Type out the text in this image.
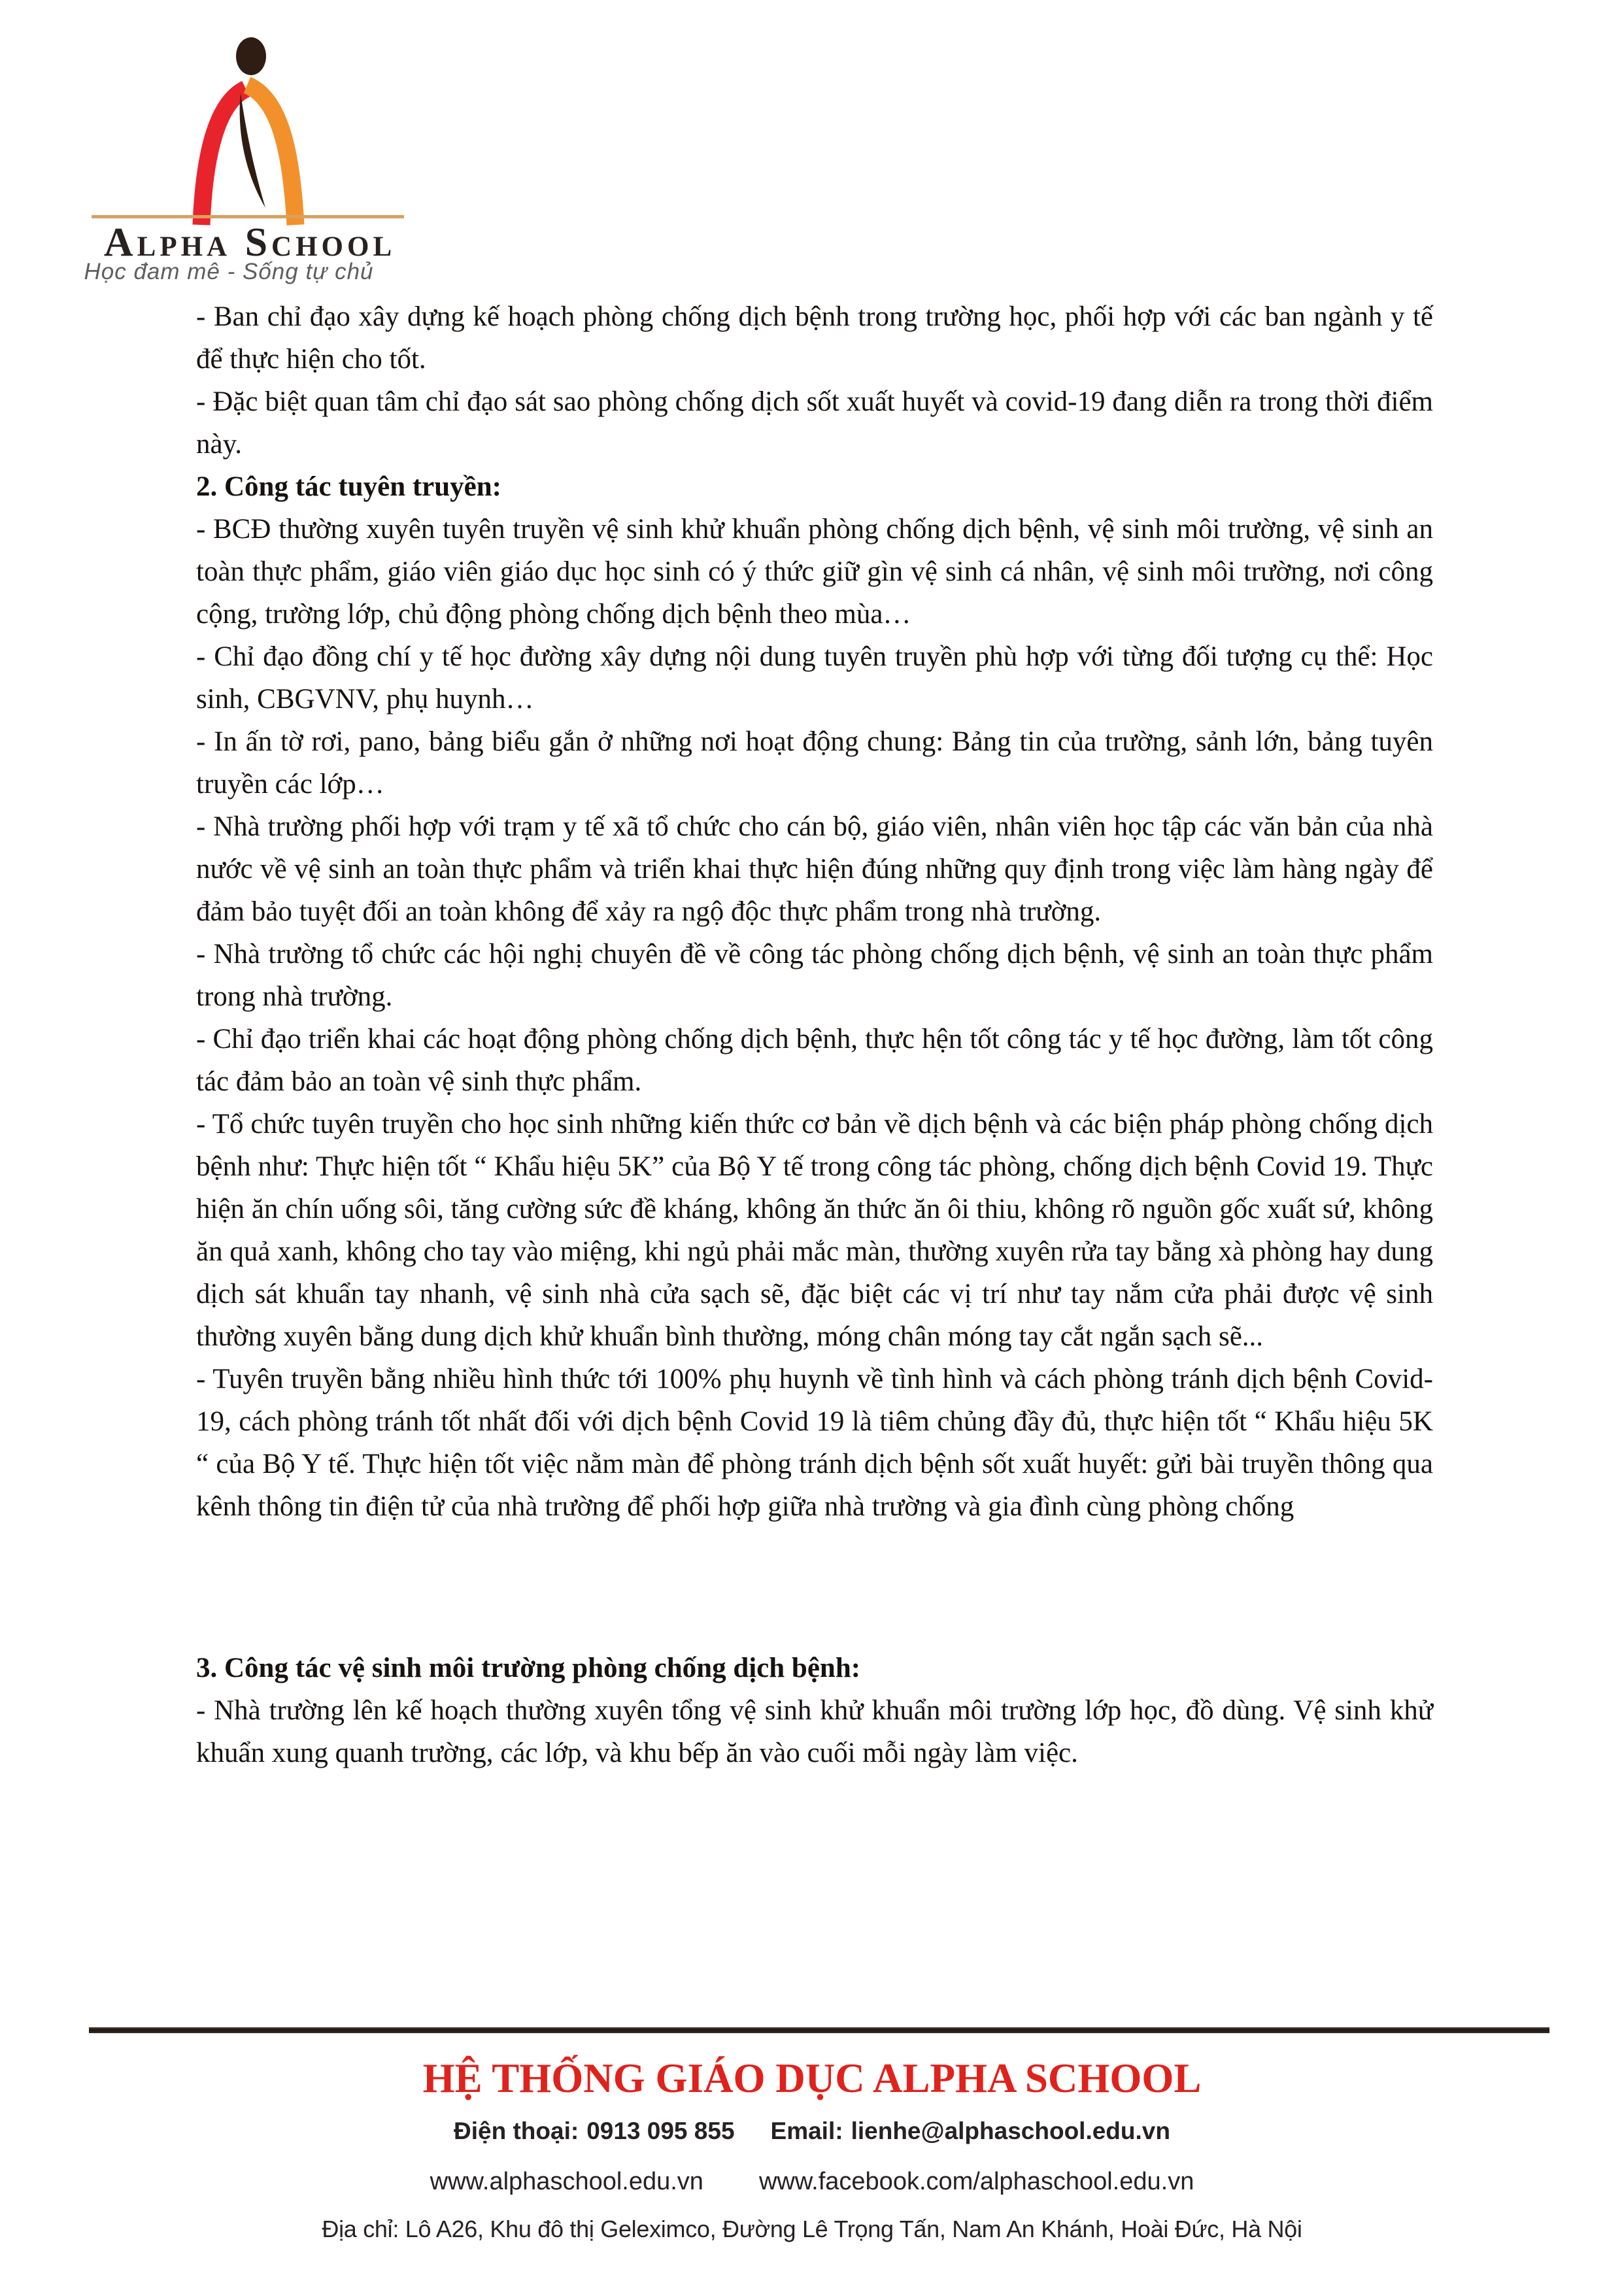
Alpha School
Học đam mê - Sống tự chủ

- Ban chỉ đạo xây dựng kế hoạch phòng chống dịch bệnh trong trường học, phối hợp với các ban ngành y tế để thực hiện cho tốt.

- Đặc biệt quan tâm chỉ đạo sát sao phòng chống dịch sốt xuất huyết và covid-19 đang diễn ra trong thời điểm này.

2. Công tác tuyên truyền:

- BCĐ thường xuyên tuyên truyền vệ sinh khử khuẩn phòng chống dịch bệnh, vệ sinh môi trường, vệ sinh an toàn thực phẩm, giáo viên giáo dục học sinh có ý thức giữ gìn vệ sinh cá nhân, vệ sinh môi trường, nơi công cộng, trường lớp, chủ động phòng chống dịch bệnh theo mùa…

- Chỉ đạo đồng chí y tế học đường xây dựng nội dung tuyên truyền phù hợp với từng đối tượng cụ thể: Học sinh, CBGVNV, phụ huynh…

- In ấn tờ rơi, pano, bảng biểu gắn ở những nơi hoạt động chung: Bảng tin của trường, sảnh lớn, bảng tuyên truyền các lớp…

- Nhà trường phối hợp với trạm y tế xã tổ chức cho cán bộ, giáo viên, nhân viên học tập các văn bản của nhà nước về vệ sinh an toàn thực phẩm và triển khai thực hiện đúng những quy định trong việc làm hàng ngày để đảm bảo tuyệt đối an toàn không để xảy ra ngộ độc thực phẩm trong nhà trường.

- Nhà trường tổ chức các hội nghị chuyên đề về công tác phòng chống dịch bệnh, vệ sinh an toàn thực phẩm trong nhà trường.

- Chỉ đạo triển khai các hoạt động phòng chống dịch bệnh, thực hện tốt công tác y tế học đường, làm tốt công tác đảm bảo an toàn vệ sinh thực phẩm.

- Tổ chức tuyên truyền cho học sinh những kiến thức cơ bản về dịch bệnh và các biện pháp phòng chống dịch bệnh như: Thực hiện tốt “ Khẩu hiệu 5K” của Bộ Y tế trong công tác phòng, chống dịch bệnh Covid 19. Thực hiện ăn chín uống sôi, tăng cường sức đề kháng, không ăn thức ăn ôi thiu, không rõ nguồn gốc xuất sứ, không ăn quả xanh, không cho tay vào miệng, khi ngủ phải mắc màn, thường xuyên rửa tay bằng xà phòng hay dung dịch sát khuẩn tay nhanh, vệ sinh nhà cửa sạch sẽ, đặc biệt các vị trí như tay nắm cửa phải được vệ sinh thường xuyên bằng dung dịch khử khuẩn bình thường, móng chân móng tay cắt ngắn sạch sẽ...

- Tuyên truyền bằng nhiều hình thức tới 100% phụ huynh về tình hình và cách phòng tránh dịch bệnh Covid-19, cách phòng tránh tốt nhất đối với dịch bệnh Covid 19 là tiêm chủng đầy đủ, thực hiện tốt “ Khẩu hiệu 5K “ của Bộ Y tế. Thực hiện tốt việc nằm màn để phòng tránh dịch bệnh sốt xuất huyết: gửi bài truyền thông qua kênh thông tin điện tử của nhà trường để phối hợp giữa nhà trường và gia đình cùng phòng chống

3. Công tác vệ sinh môi trường phòng chống dịch bệnh:

- Nhà trường lên kế hoạch thường xuyên tổng vệ sinh khử khuẩn môi trường lớp học, đồ dùng. Vệ sinh khử khuẩn xung quanh trường, các lớp, và khu bếp ăn vào cuối mỗi ngày làm việc.

HỆ THỐNG GIÁO DỤC ALPHA SCHOOL
Điện thoại: 0913 095 855 Email: lienhe@alphaschool.edu.vn
www.alphaschool.edu.vn www.facebook.com/alphaschool.edu.vn
Địa chỉ: Lô A26, Khu đô thị Geleximco, Đường Lê Trọng Tấn, Nam An Khánh, Hoài Đức, Hà Nội
